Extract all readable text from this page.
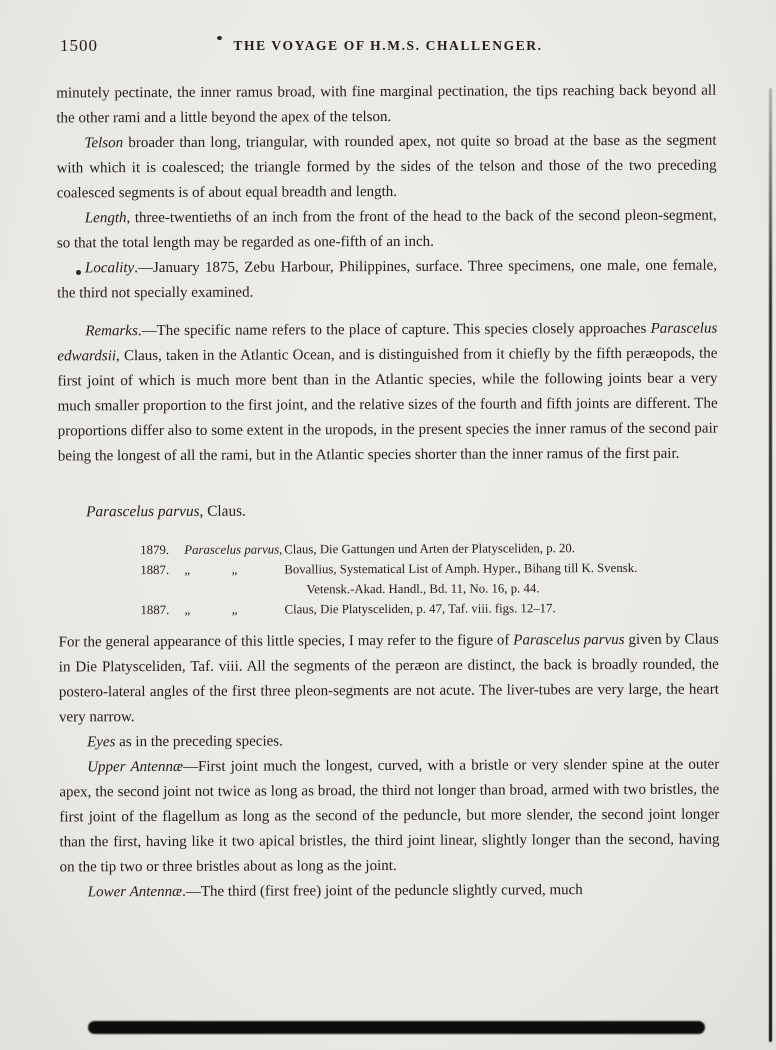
1500	THE VOYAGE OF H.M.S. CHALLENGER.

minutely pectinate, the inner ramus broad, with fine marginal pectination, the tips reaching back beyond all the other rami and a little beyond the apex of the telson.

Telson broader than long, triangular, with rounded apex, not quite so broad at the base as the segment with which it is coalesced; the triangle formed by the sides of the telson and those of the two preceding coalesced segments is of about equal breadth and length.

Length, three-twentieths of an inch from the front of the head to the back of the second pleon-segment, so that the total length may be regarded as one-fifth of an inch.

Locality.—January 1875, Zebu Harbour, Philippines, surface. Three specimens, one male, one female, the third not specially examined.

Remarks.—The specific name refers to the place of capture. This species closely approaches Parascelus edwardsii, Claus, taken in the Atlantic Ocean, and is distinguished from it chiefly by the fifth peræopods, the first joint of which is much more bent than in the Atlantic species, while the following joints bear a very much smaller proportion to the first joint, and the relative sizes of the fourth and fifth joints are different. The proportions differ also to some extent in the uropods, in the present species the inner ramus of the second pair being the longest of all the rami, but in the Atlantic species shorter than the inner ramus of the first pair.

Parascelus parvus, Claus.

1879.	Parascelus parvus, Claus, Die Gattungen und Arten der Platysceliden, p. 20.
1887.	„             „	Bovallius, Systematical List of Amph. Hyper., Bihang till K. Svensk.
Vetensk.-Akad. Handl., Bd. 11, No. 16, p. 44.
1887.	„             „	Claus, Die Platysceliden, p. 47, Taf. viii. figs. 12–17.

For the general appearance of this little species, I may refer to the figure of Parascelus parvus given by Claus in Die Platysceliden, Taf. viii. All the segments of the peræon are distinct, the back is broadly rounded, the postero-lateral angles of the first three pleon-segments are not acute. The liver-tubes are very large, the heart very narrow.

Eyes as in the preceding species.

Upper Antennæ—First joint much the longest, curved, with a bristle or very slender spine at the outer apex, the second joint not twice as long as broad, the third not longer than broad, armed with two bristles, the first joint of the flagellum as long as the second of the peduncle, but more slender, the second joint longer than the first, having like it two apical bristles, the third joint linear, slightly longer than the second, having on the tip two or three bristles about as long as the joint.

Lower Antennæ.—The third (first free) joint of the peduncle slightly curved, much
